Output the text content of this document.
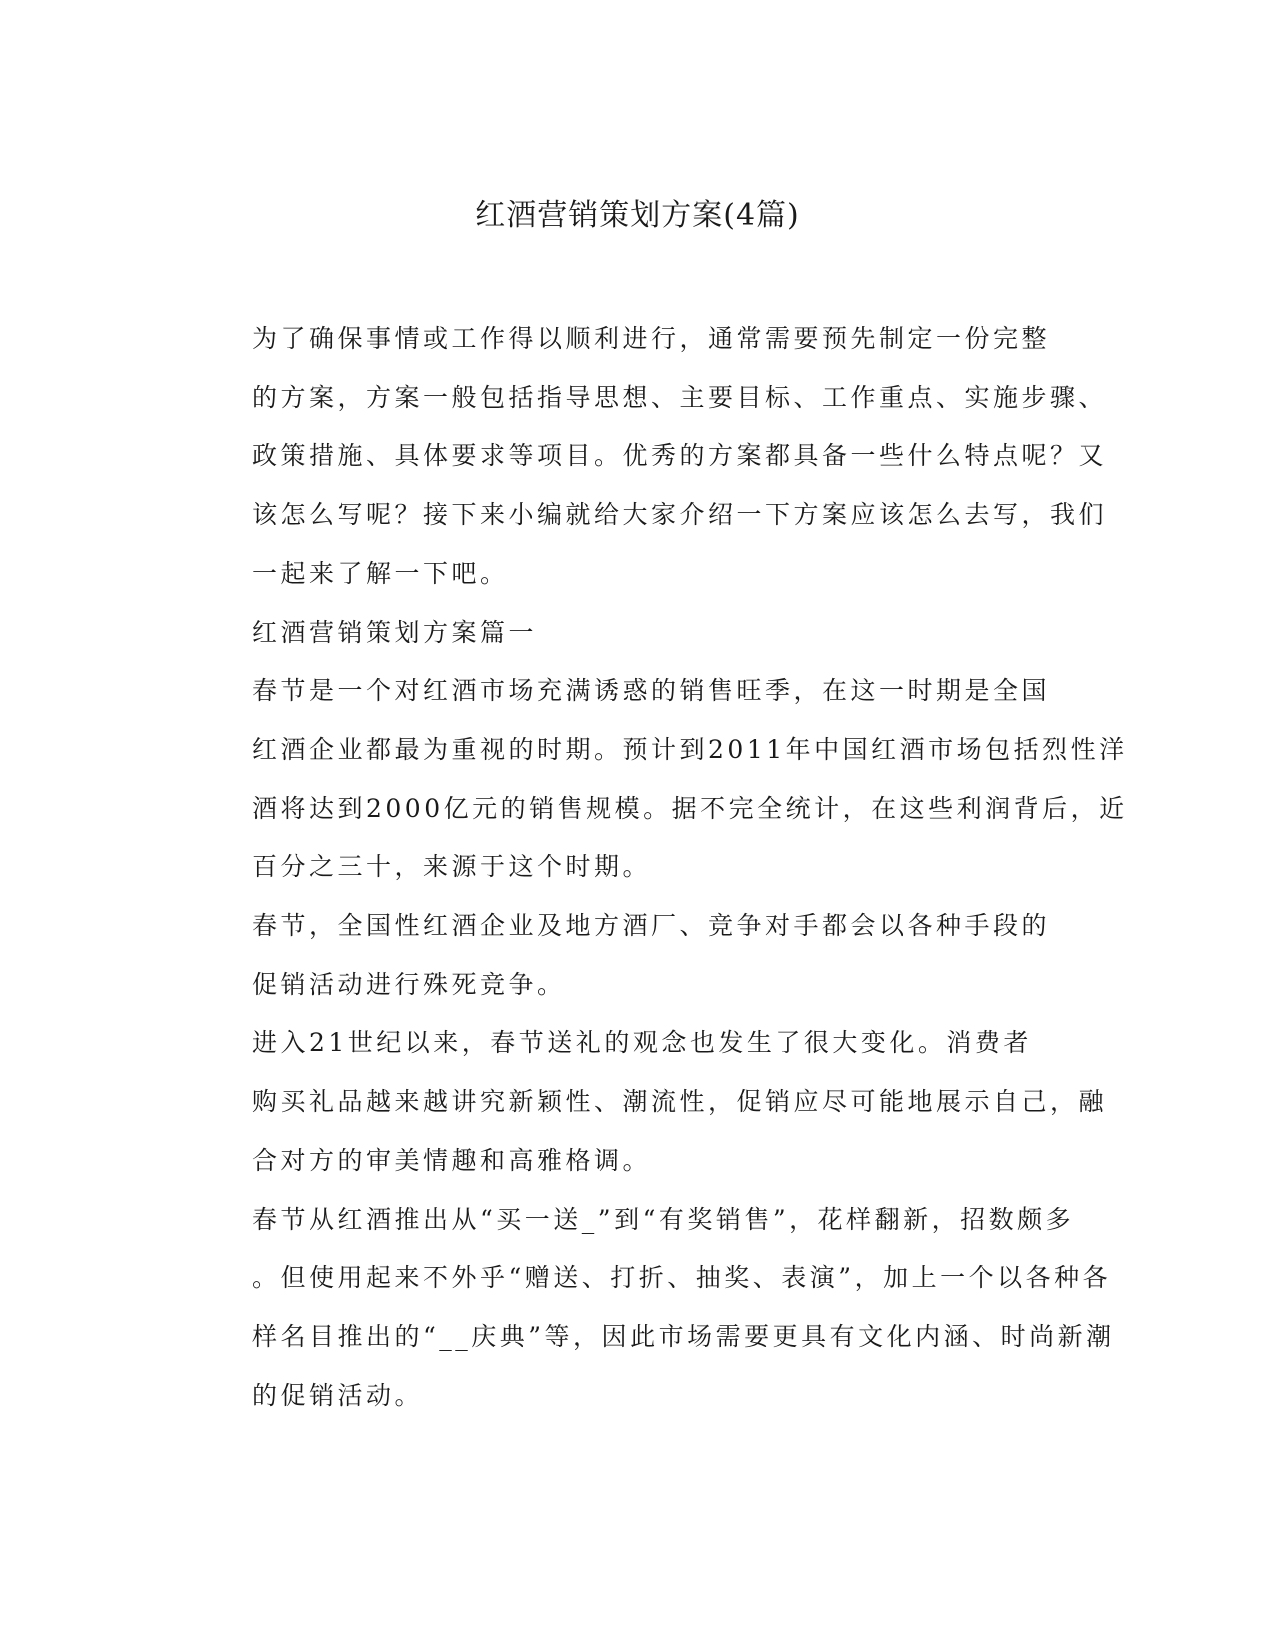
红酒营销策划方案(4篇)

为了确保事情或工作得以顺利进行，通常需要预先制定一份完整
的方案，方案一般包括指导思想、主要目标、工作重点、实施步骤、
政策措施、具体要求等项目。优秀的方案都具备一些什么特点呢？又
该怎么写呢？接下来小编就给大家介绍一下方案应该怎么去写，我们
一起来了解一下吧。

红酒营销策划方案篇一

春节是一个对红酒市场充满诱惑的销售旺季，在这一时期是全国
红酒企业都最为重视的时期。预计到2011年中国红酒市场包括烈性洋
酒将达到2000亿元的销售规模。据不完全统计，在这些利润背后，近
百分之三十，来源于这个时期。

春节，全国性红酒企业及地方酒厂、竞争对手都会以各种手段的
促销活动进行殊死竞争。

进入21世纪以来，春节送礼的观念也发生了很大变化。消费者
购买礼品越来越讲究新颖性、潮流性，促销应尽可能地展示自己，融
合对方的审美情趣和高雅格调。

春节从红酒推出从“买一送_”到“有奖销售”，花样翻新，招数颇多
。但使用起来不外乎“赠送、打折、抽奖、表演”，加上一个以各种各
样名目推出的“__庆典”等，因此市场需要更具有文化内涵、时尚新潮
的促销活动。
